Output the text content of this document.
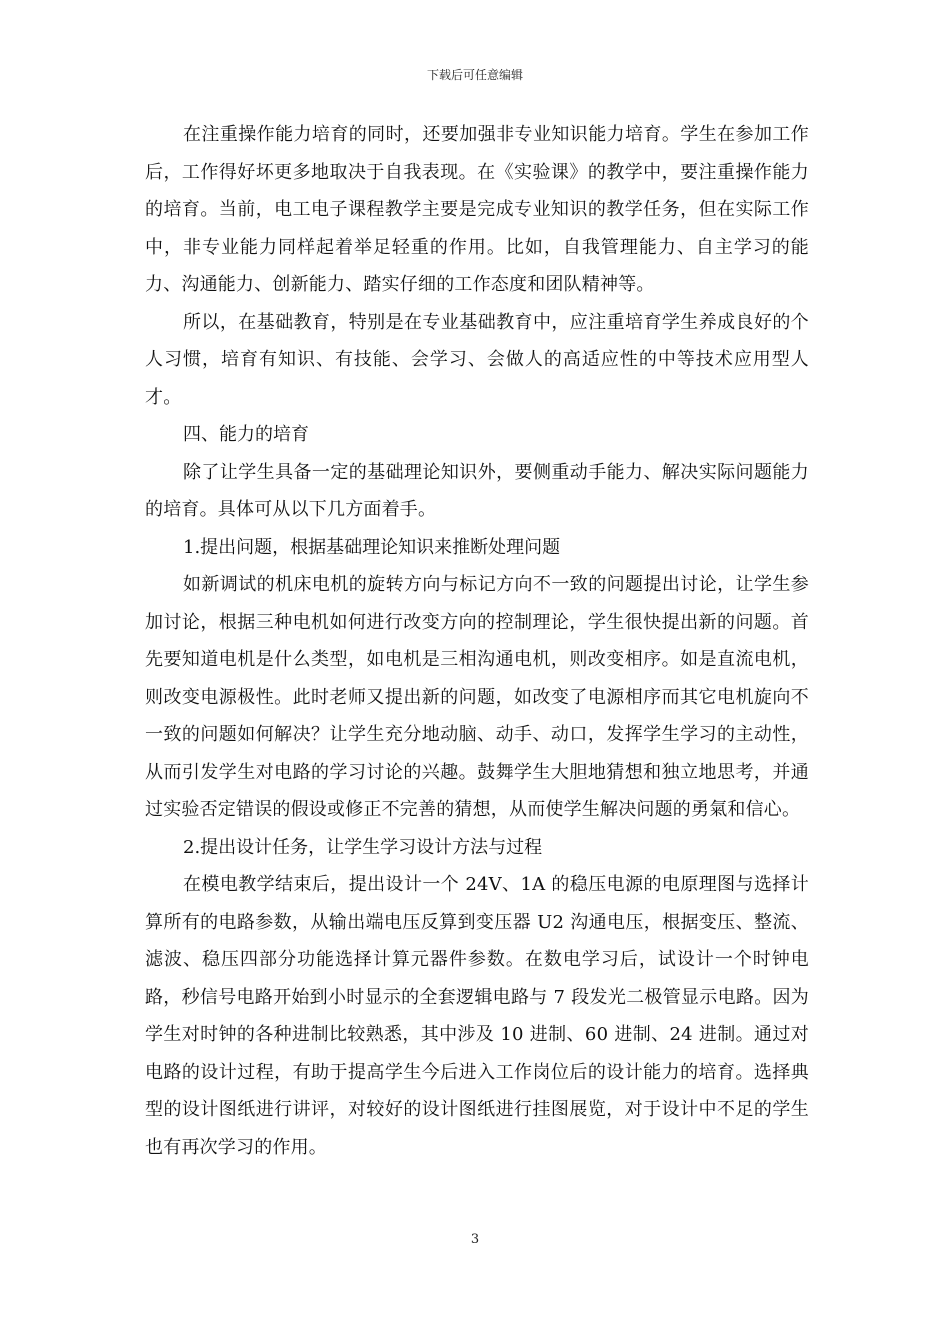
下载后可任意编辑

在注重操作能力培育的同时，还要加强非专业知识能力培育。学生在参加工作后，工作得好坏更多地取决于自我表现。在《实验课》的教学中，要注重操作能力的培育。当前，电工电子课程教学主要是完成专业知识的教学任务，但在实际工作中，非专业能力同样起着举足轻重的作用。比如，自我管理能力、自主学习的能力、沟通能力、创新能力、踏实仔细的工作态度和团队精神等。

所以，在基础教育，特别是在专业基础教育中，应注重培育学生养成良好的个人习惯，培育有知识、有技能、会学习、会做人的高适应性的中等技术应用型人才。

四、能力的培育

除了让学生具备一定的基础理论知识外，要侧重动手能力、解决实际问题能力的培育。具体可从以下几方面着手。

1.提出问题，根据基础理论知识来推断处理问题

如新调试的机床电机的旋转方向与标记方向不一致的问题提出讨论，让学生参加讨论，根据三种电机如何进行改变方向的控制理论，学生很快提出新的问题。首先要知道电机是什么类型，如电机是三相沟通电机，则改变相序。如是直流电机，则改变电源极性。此时老师又提出新的问题，如改变了电源相序而其它电机旋向不一致的问题如何解决？让学生充分地动脑、动手、动口，发挥学生学习的主动性，从而引发学生对电路的学习讨论的兴趣。鼓舞学生大胆地猜想和独立地思考，并通过实验否定错误的假设或修正不完善的猜想，从而使学生解决问题的勇氣和信心。

2.提出设计任务，让学生学习设计方法与过程

在模电教学结束后，提出设计一个 24V、1A 的稳压电源的电原理图与选择计算所有的电路参数，从输出端电压反算到变压器 U2 沟通电压，根据变压、整流、滤波、稳压四部分功能选择计算元器件参数。在数电学习后，试设计一个时钟电路，秒信号电路开始到小时显示的全套逻辑电路与 7 段发光二极管显示电路。因为学生对时钟的各种进制比较熟悉，其中涉及 10 进制、60 进制、24 进制。通过对电路的设计过程，有助于提高学生今后进入工作岗位后的设计能力的培育。选择典型的设计图纸进行讲评，对较好的设计图纸进行挂图展览，对于设计中不足的学生也有再次学习的作用。

3
